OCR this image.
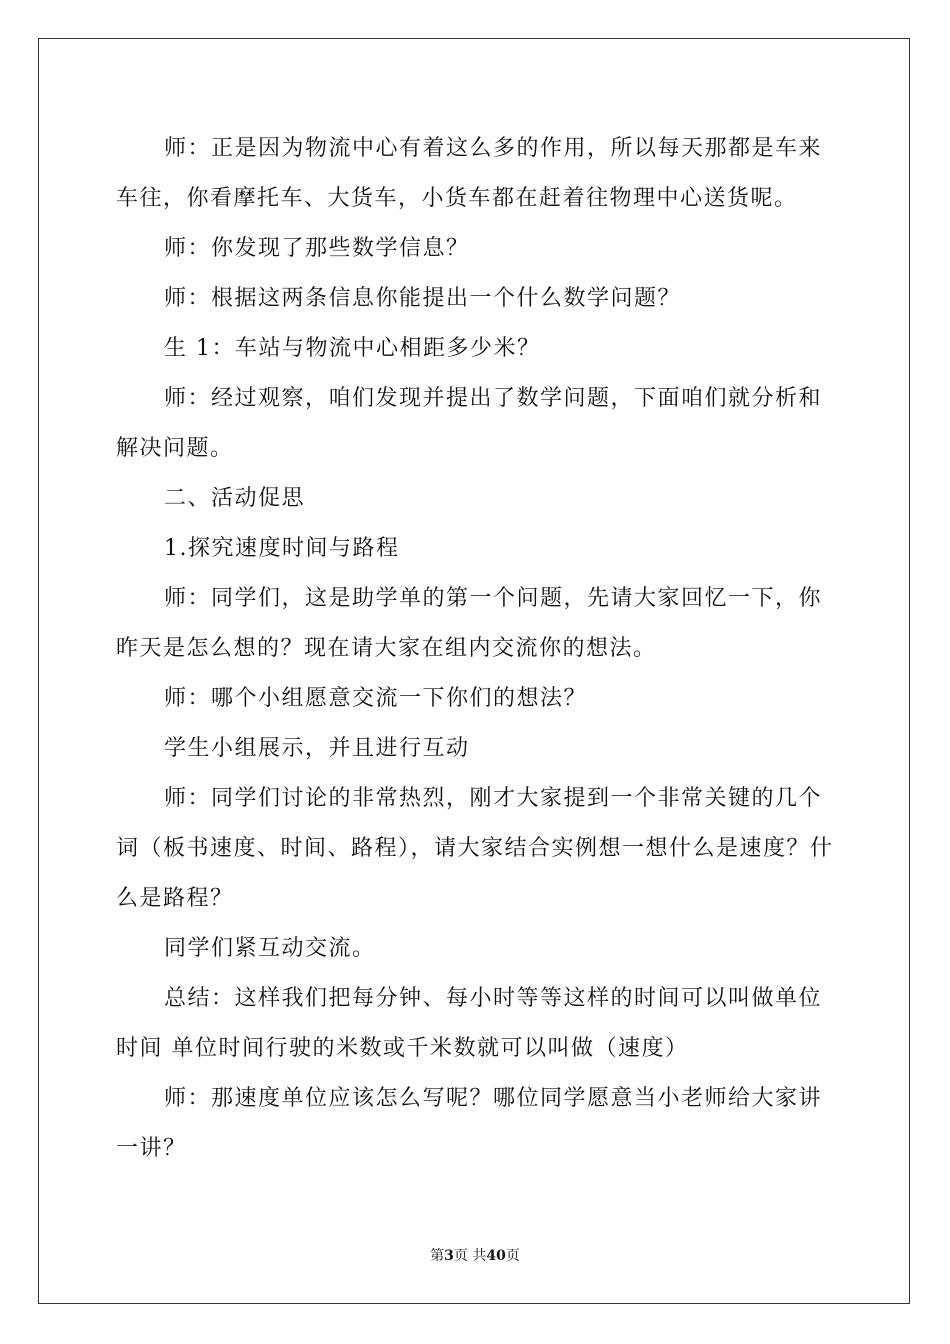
师：正是因为物流中心有着这么多的作用，所以每天那都是车来车往，你看摩托车、大货车，小货车都在赶着往物理中心送货呢。

师：你发现了那些数学信息？

师：根据这两条信息你能提出一个什么数学问题？

生 1：车站与物流中心相距多少米？

师：经过观察，咱们发现并提出了数学问题，下面咱们就分析和解决问题。

二、活动促思

1.探究速度时间与路程

师：同学们，这是助学单的第一个问题，先请大家回忆一下，你昨天是怎么想的？现在请大家在组内交流你的想法。

师：哪个小组愿意交流一下你们的想法？

学生小组展示，并且进行互动

师：同学们讨论的非常热烈，刚才大家提到一个非常关键的几个词（板书速度、时间、路程），请大家结合实例想一想什么是速度？什么是路程？

同学们紧互动交流。

总结：这样我们把每分钟、每小时等等这样的时间可以叫做单位时间 单位时间行驶的米数或千米数就可以叫做（速度）

师：那速度单位应该怎么写呢？哪位同学愿意当小老师给大家讲一讲？

第3页 共40页
